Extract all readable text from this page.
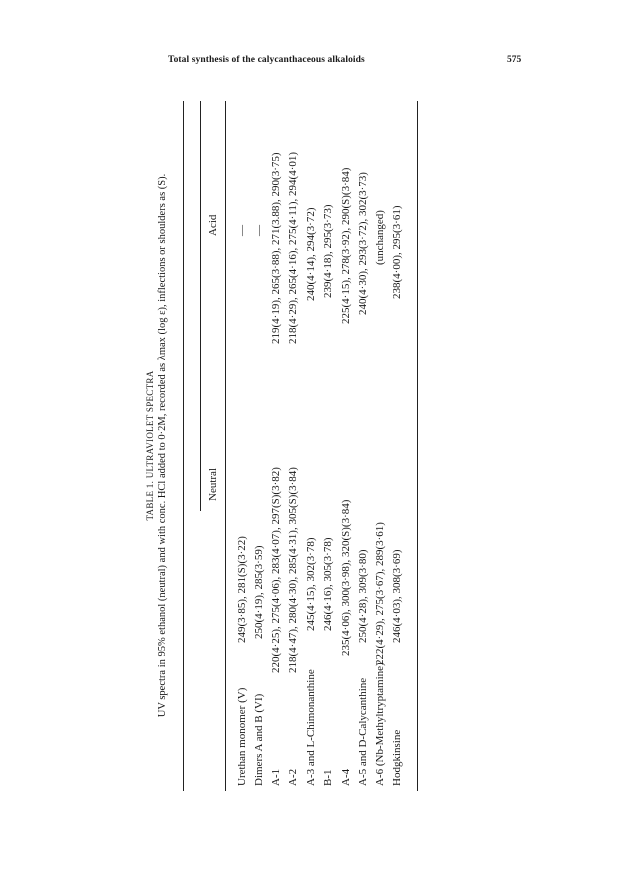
Total synthesis of the calycanthaceous alkaloids	575
TABLE 1. ULTRAVIOLET SPECTRA UV spectra in 95% ethanol (neutral) and with conc. HCl added to 0·2M, recorded as λmax (log ε), inflections or shoulders as (S).	Neutral
Acid
Urethan monomer (V)
249(3·85), 281(S)(3·22)
—
Dimers A and B (VI)
250(4·19), 285(3·59)
—
A-1
220(4·25), 275(4·06), 283(4·07), 297(S)(3·82)
219(4·19), 265(3·88), 271(3.88), 290(3·75)
A-2
218(4·47), 280(4·30), 285(4·31), 305(S)(3·84)
218(4·29), 265(4·16), 275(4·11), 294(4·01)
A-3 and L-Chimonanthine
245(4·15), 302(3·78)
240(4·14), 294(3·72)
B-1
246(4·16), 305(3·78)
239(4·18), 295(3·73)
A-4
235(4·06), 300(3·98), 320(S)(3·84)
225(4·15), 278(3·92), 290(S)(3·84)
A-5 and D-Calycanthine
250(4·28), 309(3·80)
240(4·30), 293(3·72), 302(3·73)
A-6 (Nb-Methyltryptamine)
222(4·29), 275(3·67), 289(3·61)
(unchanged)
Hodgkinsine
246(4·03), 308(3·69)
238(4·00), 295(3·61)
